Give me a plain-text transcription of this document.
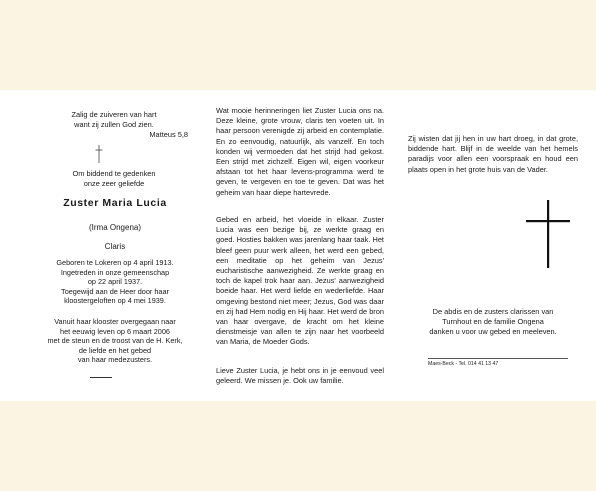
Zalig de zuiveren van hart
want zij zullen God zien.

Matteus 5,8

Om biddend te gedenken
onze zeer geliefde

Zuster Maria Lucia

(Irma Ongena)

Claris

Geboren te Lokeren op 4 april 1913.
Ingetreden in onze gemeenschap
op 22 april 1937.
Toegewijd aan de Heer door haar
kloostergeloften op 4 mei 1939.

Vanuit haar klooster overgegaan naar
het eeuwig leven op 6 maart 2006
met de steun en de troost van de H. Kerk,
de liefde en het gebed
van haar medezusters.

Wat mooie herinneringen liet Zuster Lucia ons na. Deze kleine, grote vrouw, claris ten voeten uit. In haar persoon verenigde zij arbeid en contemplatie. En zo eenvoudig, natuurlijk, als vanzelf. En toch konden wij vermoeden dat het strijd had gekost. Een strijd met zichzelf. Eigen wil, eigen voorkeur afstaan tot het haar levens-programma werd te geven, te vergeven en toe te geven. Dat was het geheim van haar diepe hartevrede.

Gebed en arbeid, het vloeide in elkaar. Zuster Lucia was een bezige bij, ze werkte graag en goed. Hosties bakken was jarenlang haar taak. Het bleef geen puur werk alleen, het werd een gebed, een meditatie op het geheim van Jezus' eucharistische aanwezigheid. Ze werkte graag en toch de kapel trok haar aan. Jezus' aanwezigheid boeide haar. Het werd liefde en wederliefde. Haar omgeving bestond niet meer; Jezus, God was daar en zij had Hem nodig en Hij haar. Het werd de bron van haar overgave, de kracht om het kleine dienstmeisje van allen te zijn naar het voorbeeld van Maria, de Moeder Gods.

Lieve Zuster Lucia, je hebt ons in je eenvoud veel geleerd. We missen je. Ook uw familie.

Zij wisten dat jij hen in uw hart droeg, in dat grote, biddende hart. Blijf in de weelde van het hemels paradijs voor allen een voorspraak en houd een plaats open in het grote huis van de Vader.

De abdis en de zusters clarissen van
Turnhout en de familie Ongena
danken u voor uw gebed en meeleven.

Maes-Beck - Tel. 014 41 13 47
